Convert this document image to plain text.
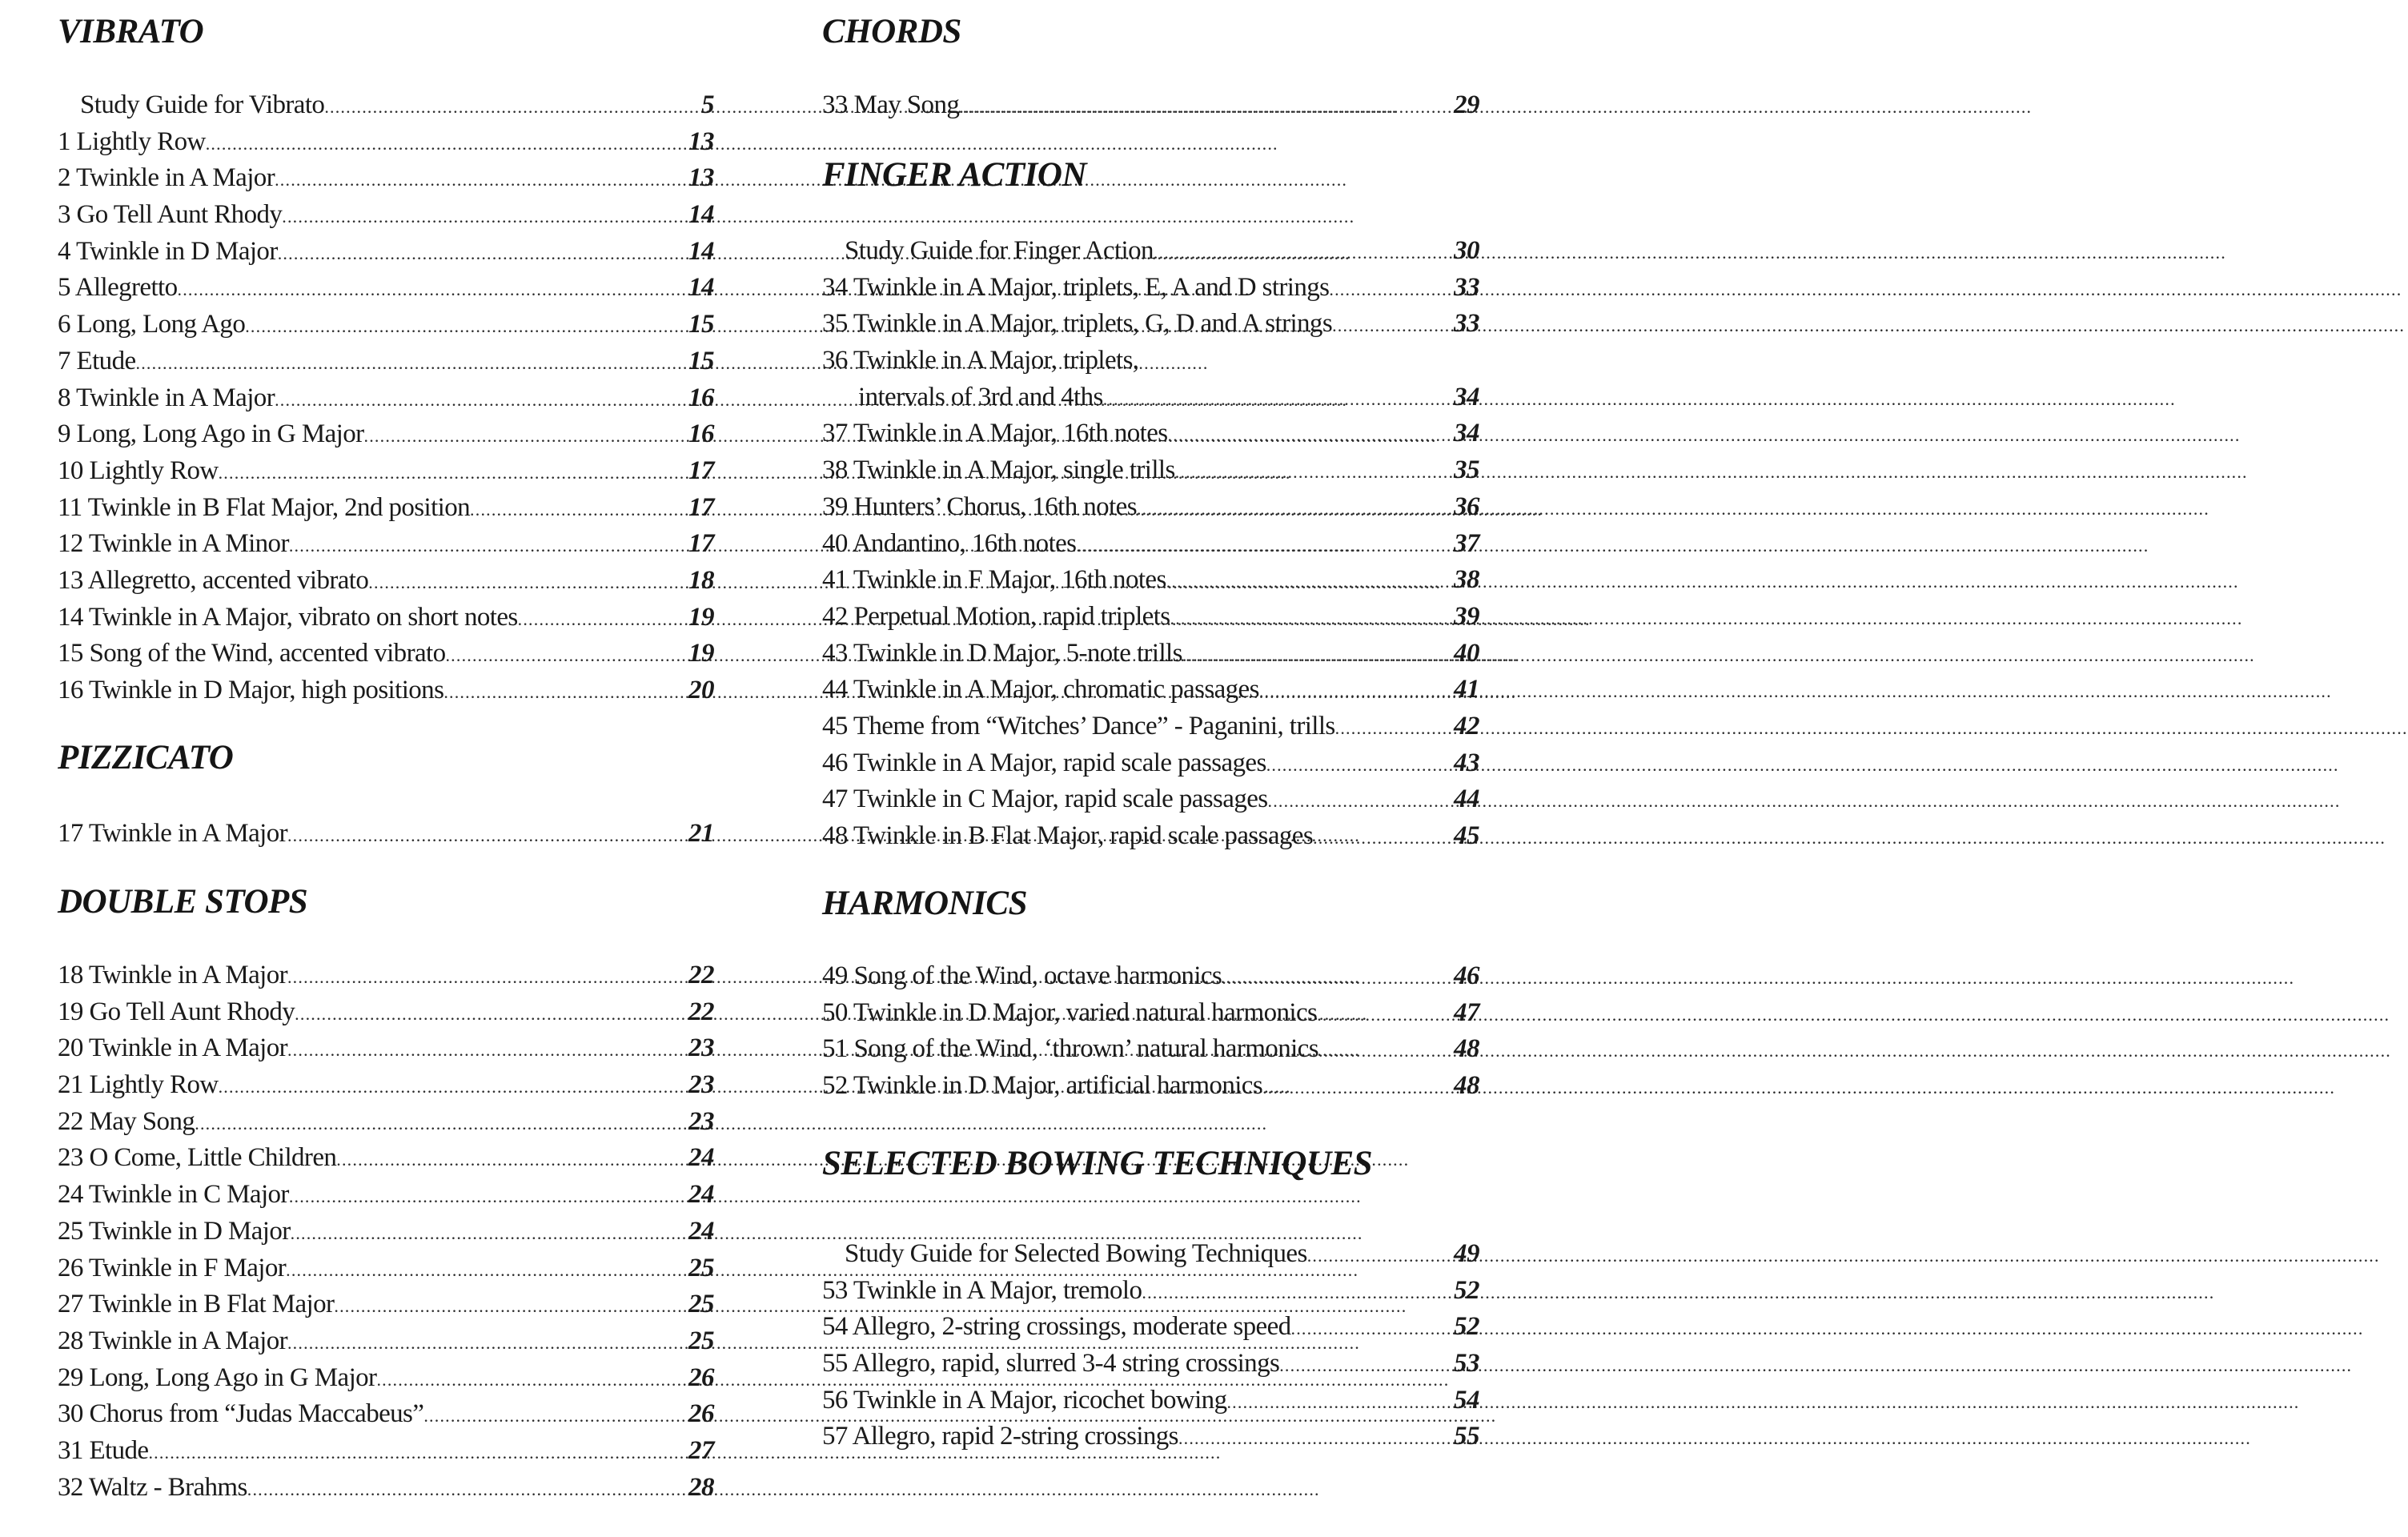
VIBRATO
Study Guide for Vibrato .....	5
1 Lightly Row .....	13
2 Twinkle in A Major .....	13
3 Go Tell Aunt Rhody .....	14
4 Twinkle in D Major .....	14
5 Allegretto .....	14
6 Long, Long Ago .....	15
7 Etude .....	15
8 Twinkle in A Major .....	16
9 Long, Long Ago in G Major .....	16
10 Lightly Row .....	17
11 Twinkle in B Flat Major, 2nd position .....	17
12 Twinkle in A Minor .....	17
13 Allegretto, accented vibrato .....	18
14 Twinkle in A Major, vibrato on short notes .....	19
15 Song of the Wind, accented vibrato .....	19
16 Twinkle in D Major, high positions .....	20
PIZZICATO
17 Twinkle in A Major .....	21
DOUBLE STOPS
18 Twinkle in A Major .....	22
19 Go Tell Aunt Rhody .....	22
20 Twinkle in A Major .....	23
21 Lightly Row .....	23
22 May Song .....	23
23 O Come, Little Children .....	24
24 Twinkle in C Major .....	24
25 Twinkle in D Major .....	24
26 Twinkle in F Major .....	25
27 Twinkle in B Flat Major .....	25
28 Twinkle in A Major .....	25
29 Long, Long Ago in G Major .....	26
30 Chorus from “Judas Maccabeus” .....	26
31 Etude .....	27
32 Waltz - Brahms .....	28
CHORDS
33 May Song .....	29
FINGER ACTION
Study Guide for Finger Action .....	30
34 Twinkle in A Major, triplets, E, A and D strings .....	33
35 Twinkle in A Major, triplets, G, D and A strings .....	33
36 Twinkle in A Major, triplets,
intervals of 3rd and 4ths .....	34
37 Twinkle in A Major, 16th notes .....	34
38 Twinkle in A Major, single trills .....	35
39 Hunters’ Chorus, 16th notes .....	36
40 Andantino, 16th notes .....	37
41 Twinkle in F Major, 16th notes .....	38
42 Perpetual Motion, rapid triplets .....	39
43 Twinkle in D Major, 5-note trills .....	40
44 Twinkle in A Major, chromatic passages .....	41
45 Theme from “Witches’ Dance” - Paganini, trills .....	42
46 Twinkle in A Major, rapid scale passages .....	43
47 Twinkle in C Major, rapid scale passages .....	44
48 Twinkle in B Flat Major, rapid scale passages .....	45
HARMONICS
49 Song of the Wind, octave harmonics .....	46
50 Twinkle in D Major, varied natural harmonics .....	47
51 Song of the Wind, ‘thrown’ natural harmonics .....	48
52 Twinkle in D Major, artificial harmonics .....	48
SELECTED BOWING TECHNIQUES
Study Guide for Selected Bowing Techniques .....	49
53 Twinkle in A Major, tremolo .....	52
54 Allegro, 2-string crossings, moderate speed .....	52
55 Allegro, rapid, slurred 3-4 string crossings .....	53
56 Twinkle in A Major, ricochet bowing .....	54
57 Allegro, rapid 2-string crossings .....	55
